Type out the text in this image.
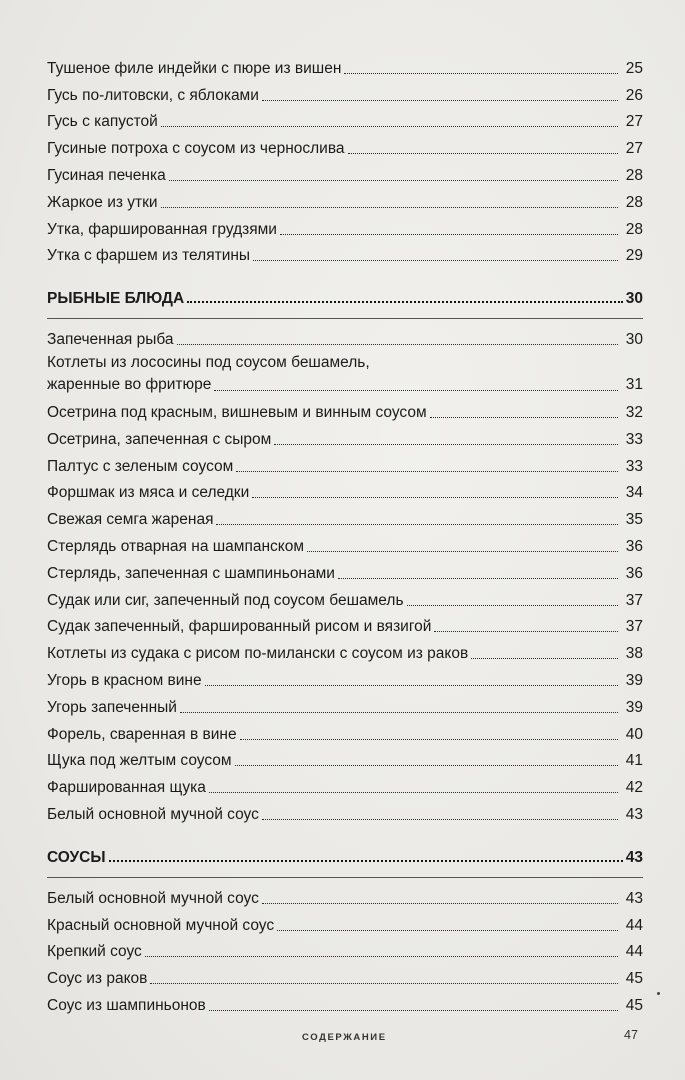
Тушеное филе индейки с пюре из вишен	25
Гусь по-литовски, с яблоками	26
Гусь с капустой	27
Гусиные потроха с соусом из чернослива	27
Гусиная печенка	28
Жаркое из утки	28
Утка, фаршированная грудзями	28
Утка с фаршем из телятины	29
РЫБНЫЕ БЛЮДА	30
Запеченная рыба	30
Котлеты из лососины под соусом бешамель,
жаренные во фритюре	31
Осетрина под красным, вишневым и винным соусом	32
Осетрина, запеченная с сыром	33
Палтус с зеленым соусом	33
Форшмак из мяса и селедки	34
Свежая семга жареная	35
Стерлядь отварная на шампанском	36
Стерлядь, запеченная с шампиньонами	36
Судак или сиг, запеченный под соусом бешамель	37
Судак запеченный, фаршированный рисом и вязигой	37
Котлеты из судака с рисом по-милански с соусом из раков	38
Угорь в красном вине	39
Угорь запеченный	39
Форель, сваренная в вине	40
Щука под желтым соусом	41
Фаршированная щука	42
Белый основной мучной соус	43
СОУСЫ	43
Белый основной мучной соус	43
Красный основной мучной соус	44
Крепкий соус	44
Соус из раков	45
Соус из шампиньонов	45
СОДЕРЖАНИЕ	47
